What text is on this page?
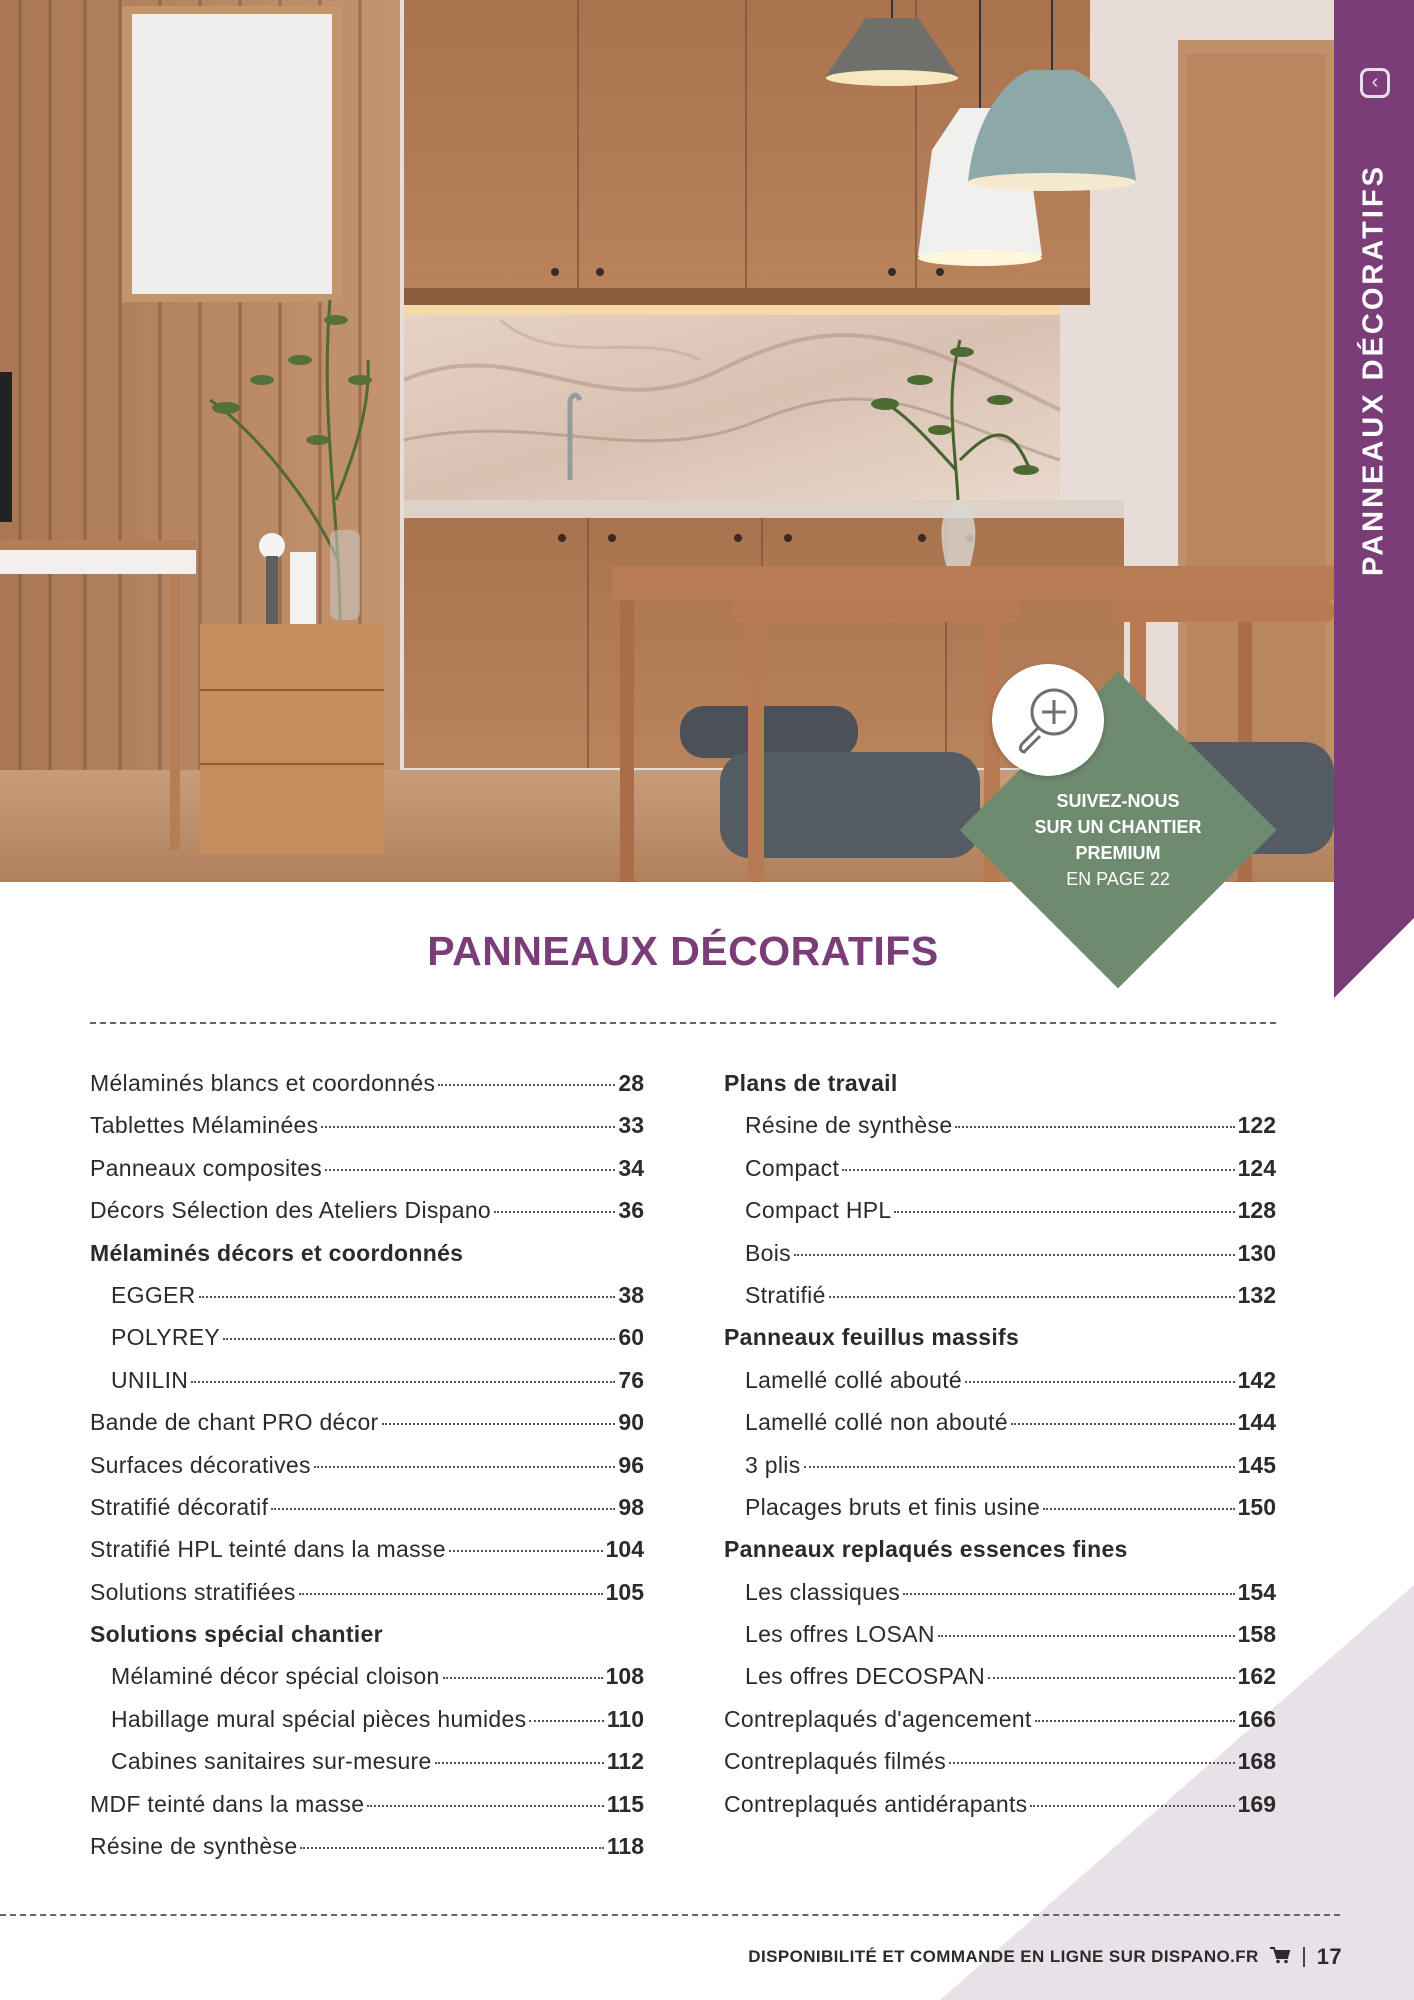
‹
PANNEAUX DÉCORATIFS
SUIVEZ-NOUS
SUR UN CHANTIER
PREMIUM
EN PAGE 22
PANNEAUX DÉCORATIFS
Mélaminés blancs et coordonnés	28
Tablettes Mélaminées	33
Panneaux composites	34
Décors Sélection des Ateliers Dispano	36
Mélaminés décors et coordonnés
EGGER	38
POLYREY	60
UNILIN	76
Bande de chant PRO décor	90
Surfaces décoratives	96
Stratifié décoratif	98
Stratifié HPL teinté dans la masse	104
Solutions stratifiées	105
Solutions spécial chantier
Mélaminé décor spécial cloison	108
Habillage mural spécial pièces humides	110
Cabines sanitaires sur-mesure	112
MDF teinté dans la masse	115
Résine de synthèse	118
Plans de travail
Résine de synthèse	122
Compact	124
Compact HPL	128
Bois	130
Stratifié	132
Panneaux feuillus massifs
Lamellé collé abouté	142
Lamellé collé non abouté	144
3 plis	145
Placages bruts et finis usine	150
Panneaux replaqués essences fines
Les classiques	154
Les offres LOSAN	158
Les offres DECOSPAN	162
Contreplaqués d'agencement	166
Contreplaqués filmés	168
Contreplaqués antidérapants	169
DISPONIBILITÉ ET COMMANDE EN LIGNE SUR DISPANO.FR	17
